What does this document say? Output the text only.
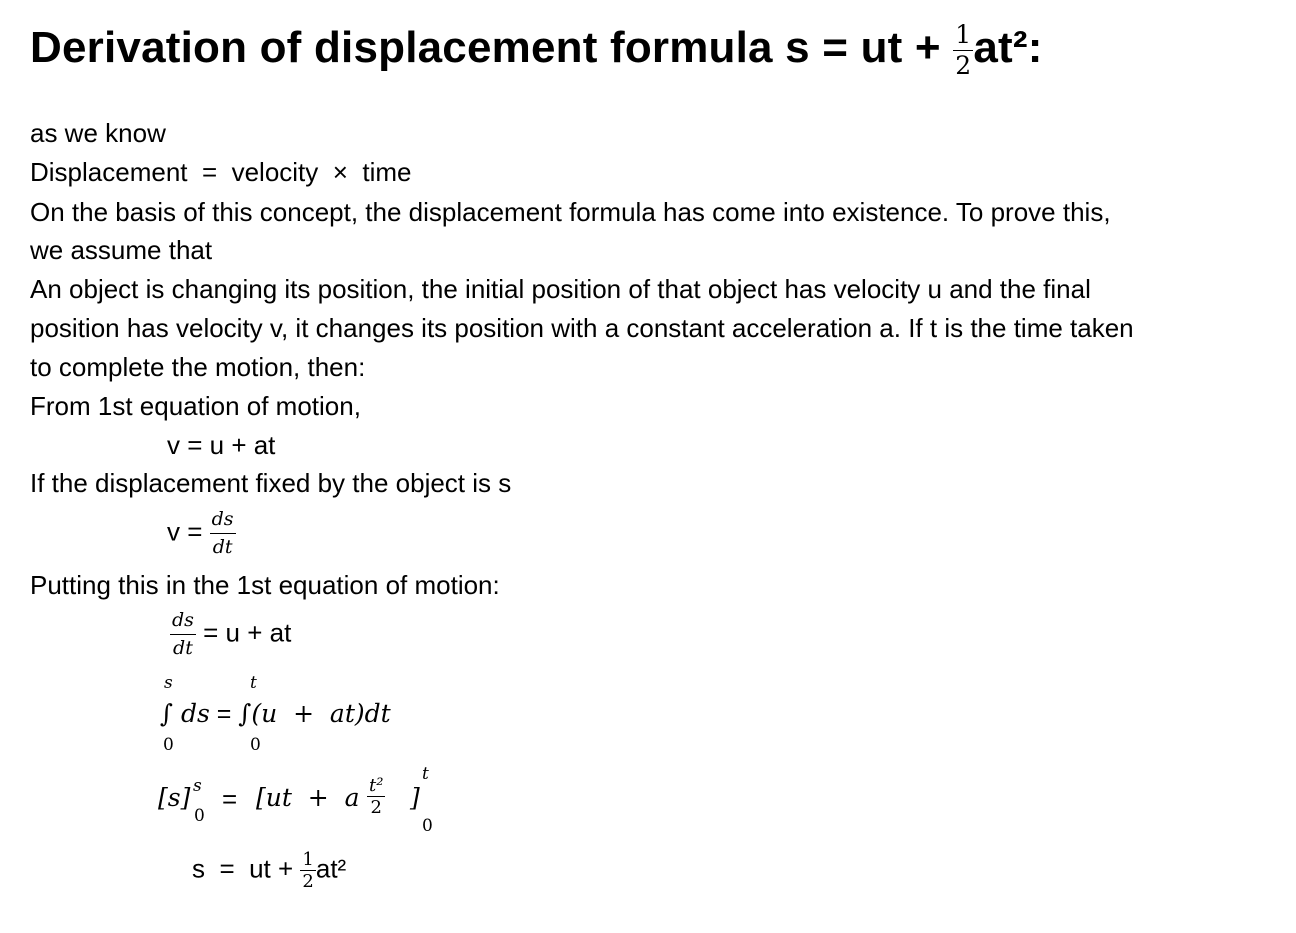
Derivation of displacement formula s = ut + $\frac{1}{2} at^2$:
as we know
Displacement  =  velocity  ×  time
On the basis of this concept, the displacement formula has come into existence. To prove this,
we assume that
An object is changing its position, the initial position of that object has velocity u and the final
position has velocity v, it changes its position with a constant acceleration a. If t is the time taken
to complete the motion, then:
From 1st equation of motion,
v = u + at
If the displacement fixed by the object is s
$v = \frac{ds}{dt}$
Putting this in the 1st equation of motion:
$\frac{ds}{dt} = u$ + at
s	t
∫ ds = ∫(u  +  at)dt
0	0
[s] s
0
= [ut  +  a $\frac{\text{t²}}{2}$ ]
t
0
s  =  ut + $\frac{1}{2} at^2$
